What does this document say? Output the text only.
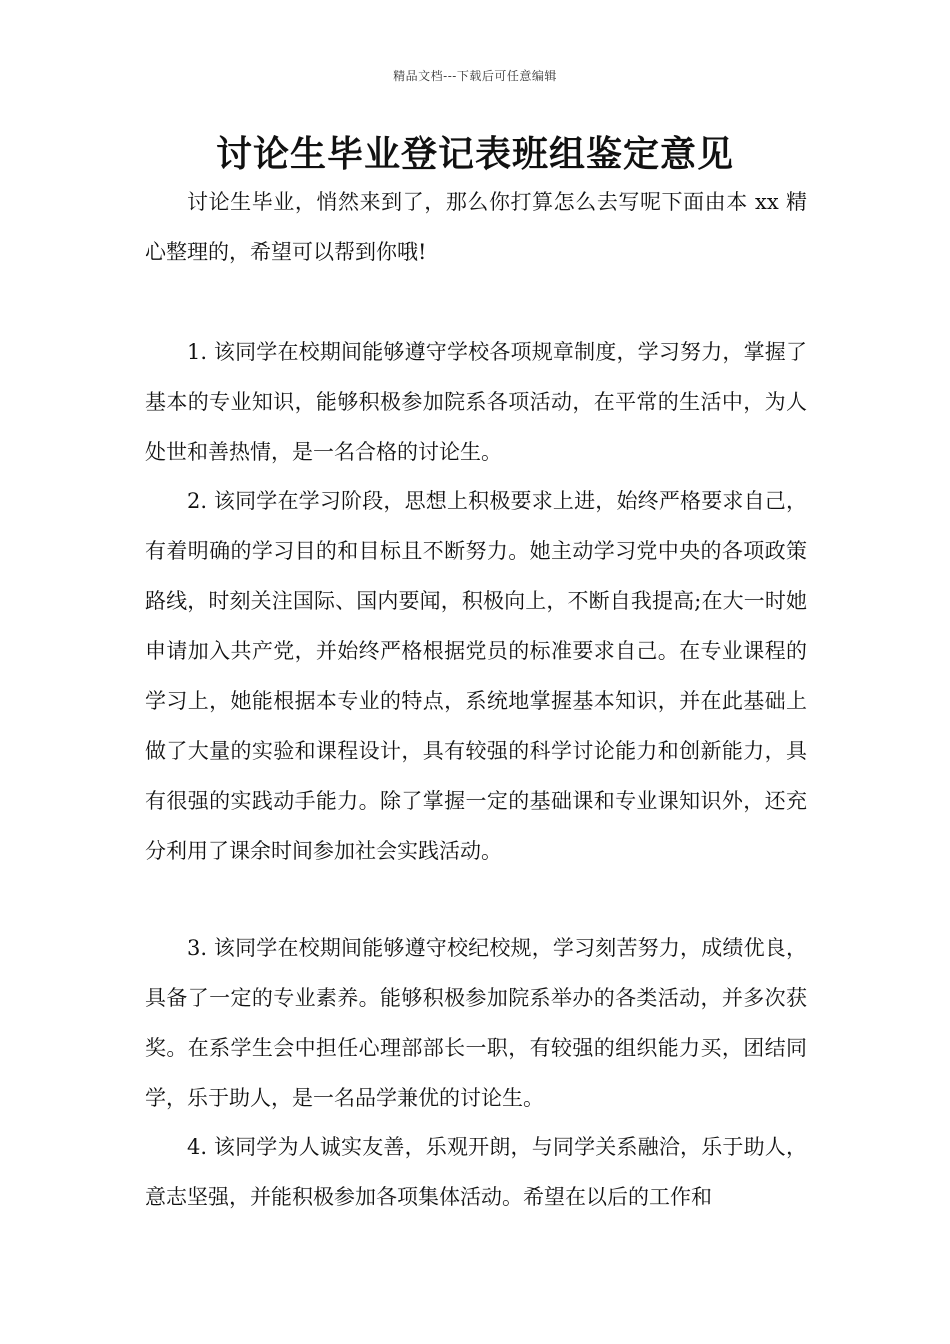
精品文档---下载后可任意编辑
讨论生毕业登记表班组鉴定意见

讨论生毕业，悄然来到了，那么你打算怎么去写呢下面由本 xx 精心整理的，希望可以帮到你哦!

1. 该同学在校期间能够遵守学校各项规章制度，学习努力，掌握了基本的专业知识，能够积极参加院系各项活动，在平常的生活中，为人处世和善热情，是一名合格的讨论生。

2. 该同学在学习阶段，思想上积极要求上进，始终严格要求自己，有着明确的学习目的和目标且不断努力。她主动学习党中央的各项政策路线，时刻关注国际、国内要闻，积极向上，不断自我提高;在大一时她申请加入共产党，并始终严格根据党员的标准要求自己。在专业课程的学习上，她能根据本专业的特点，系统地掌握基本知识，并在此基础上做了大量的实验和课程设计，具有较强的科学讨论能力和创新能力，具有很强的实践动手能力。除了掌握一定的基础课和专业课知识外，还充分利用了课余时间参加社会实践活动。

3. 该同学在校期间能够遵守校纪校规，学习刻苦努力，成绩优良，具备了一定的专业素养。能够积极参加院系举办的各类活动，并多次获奖。在系学生会中担任心理部部长一职，有较强的组织能力买，团结同学，乐于助人，是一名品学兼优的讨论生。

4. 该同学为人诚实友善，乐观开朗，与同学关系融洽，乐于助人，意志坚强，并能积极参加各项集体活动。希望在以后的工作和
